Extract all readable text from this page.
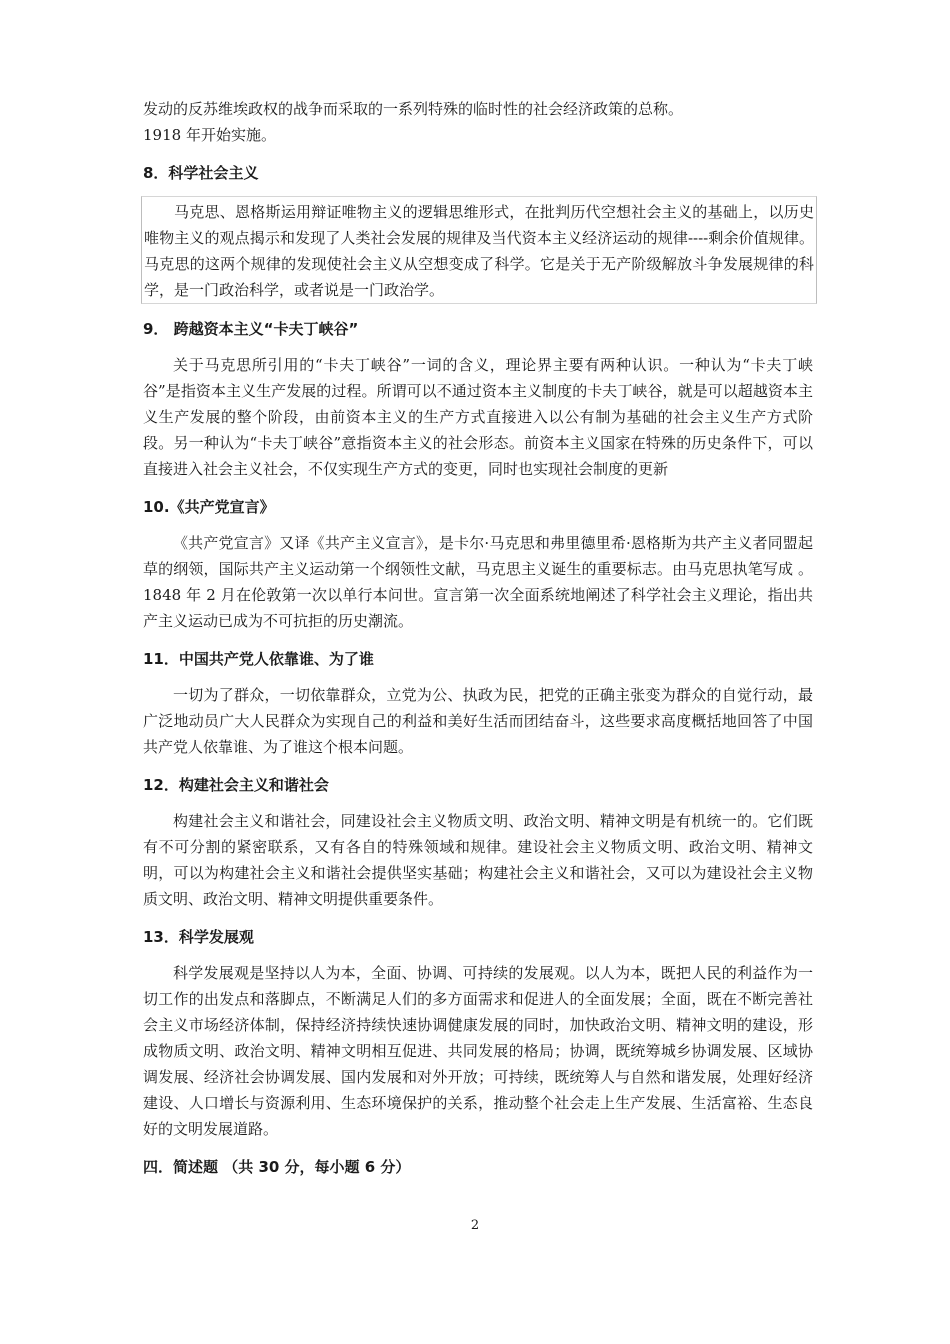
发动的反苏维埃政权的战争而采取的一系列特殊的临时性的社会经济政策的总称。

1918 年开始实施。

8．科学社会主义

马克思、恩格斯运用辩证唯物主义的逻辑思维形式，在批判历代空想社会主义的基础上，以历史唯物主义的观点揭示和发现了人类社会发展的规律及当代资本主义经济运动的规律----剩余价值规律。马克思的这两个规律的发现使社会主义从空想变成了科学。它是关于无产阶级解放斗争发展规律的科学，是一门政治科学，或者说是一门政治学。

9． 跨越资本主义“卡夫丁峡谷”

关于马克思所引用的“卡夫丁峡谷”一词的含义，理论界主要有两种认识。一种认为“卡夫丁峡谷”是指资本主义生产发展的过程。所谓可以不通过资本主义制度的卡夫丁峡谷，就是可以超越资本主义生产发展的整个阶段，由前资本主义的生产方式直接进入以公有制为基础的社会主义生产方式阶段。另一种认为“卡夫丁峡谷”意指资本主义的社会形态。前资本主义国家在特殊的历史条件下，可以直接进入社会主义社会，不仅实现生产方式的变更，同时也实现社会制度的更新

10.《共产党宣言》

《共产党宣言》又译《共产主义宣言》，是卡尔·马克思和弗里德里希·恩格斯为共产主义者同盟起草的纲领，国际共产主义运动第一个纲领性文献，马克思主义诞生的重要标志。由马克思执笔写成 。1848 年 2 月在伦敦第一次以单行本问世。宣言第一次全面系统地阐述了科学社会主义理论，指出共产主义运动已成为不可抗拒的历史潮流。

11．中国共产党人依靠谁、为了谁

一切为了群众，一切依靠群众，立党为公、执政为民，把党的正确主张变为群众的自觉行动，最广泛地动员广大人民群众为实现自己的利益和美好生活而团结奋斗，这些要求高度概括地回答了中国共产党人依靠谁、为了谁这个根本问题。

12．构建社会主义和谐社会

构建社会主义和谐社会，同建设社会主义物质文明、政治文明、精神文明是有机统一的。它们既有不可分割的紧密联系，又有各自的特殊领域和规律。建设社会主义物质文明、政治文明、精神文明，可以为构建社会主义和谐社会提供坚实基础；构建社会主义和谐社会，又可以为建设社会主义物质文明、政治文明、精神文明提供重要条件。

13．科学发展观

科学发展观是坚持以人为本，全面、协调、可持续的发展观。以人为本，既把人民的利益作为一切工作的出发点和落脚点，不断满足人们的多方面需求和促进人的全面发展；全面，既在不断完善社会主义市场经济体制，保持经济持续快速协调健康发展的同时，加快政治文明、精神文明的建设，形成物质文明、政治文明、精神文明相互促进、共同发展的格局；协调，既统筹城乡协调发展、区域协调发展、经济社会协调发展、国内发展和对外开放；可持续，既统筹人与自然和谐发展，处理好经济建设、人口增长与资源利用、生态环境保护的关系，推动整个社会走上生产发展、生活富裕、生态良好的文明发展道路。

四．简述题 （共 30 分，每小题 6 分）
2
